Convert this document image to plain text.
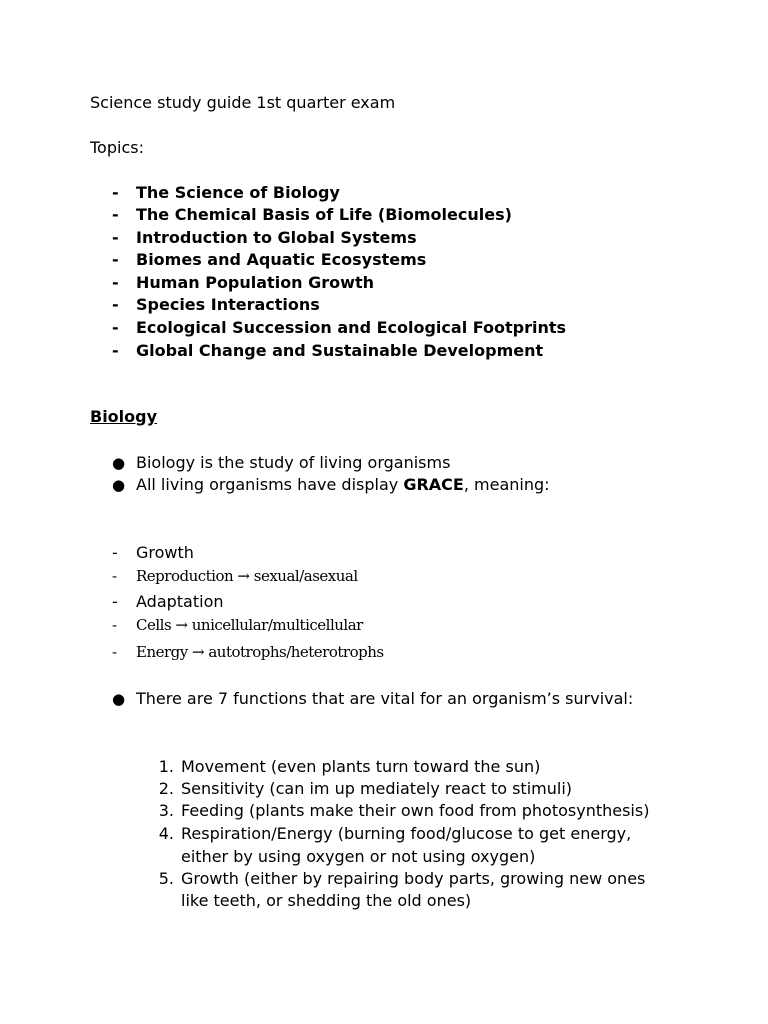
Science study guide 1st quarter exam
Topics:
- The Science of Biology
- The Chemical Basis of Life (Biomolecules)
- Introduction to Global Systems
- Biomes and Aquatic Ecosystems
- Human Population Growth
- Species Interactions
- Ecological Succession and Ecological Footprints
- Global Change and Sustainable Development
Biology
● Biology is the study of living organisms
● All living organisms have display GRACE, meaning:
- Growth
- Reproduction → sexual/asexual
- Adaptation
- Cells → unicellular/multicellular
- Energy → autotrophs/heterotrophs
● There are 7 functions that are vital for an organism’s survival:
1. Movement (even plants turn toward the sun)
2. Sensitivity (can im up mediately react to stimuli)
3. Feeding (plants make their own food from photosynthesis)
4. Respiration/Energy (burning food/glucose to get energy,
either by using oxygen or not using oxygen)
5. Growth (either by repairing body parts, growing new ones
like teeth, or shedding the old ones)
